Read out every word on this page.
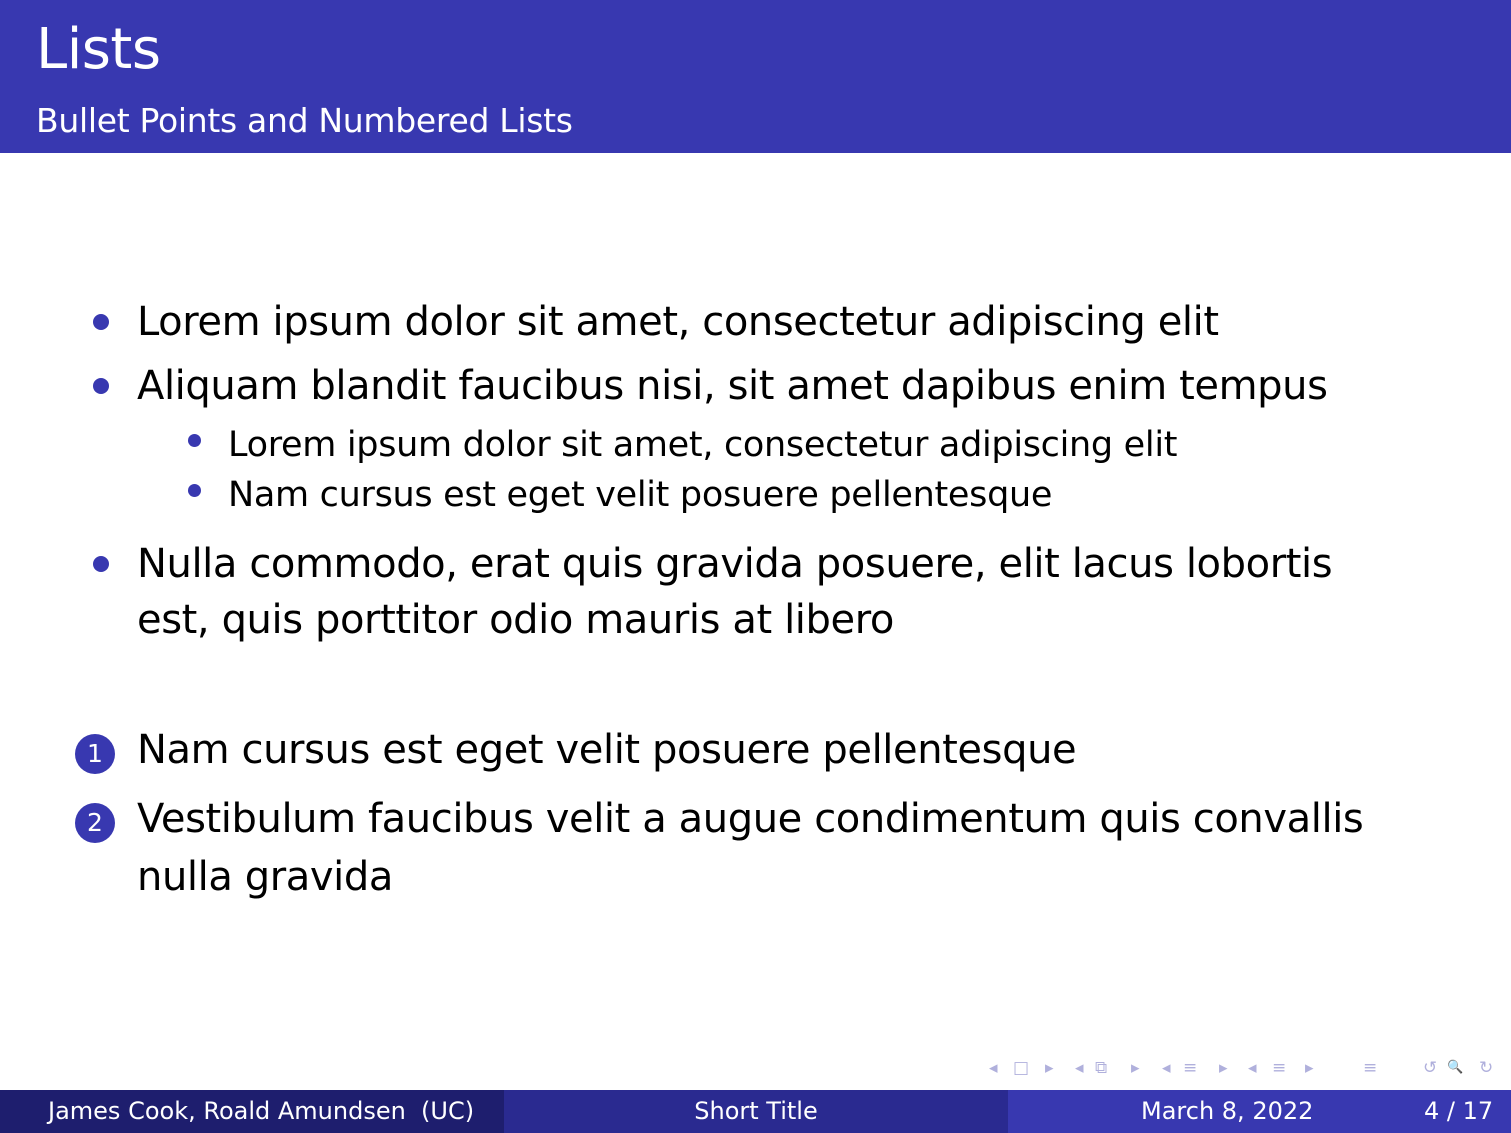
Lists
Bullet Points and Numbered Lists
Lorem ipsum dolor sit amet, consectetur adipiscing elit
Aliquam blandit faucibus nisi, sit amet dapibus enim tempus
Lorem ipsum dolor sit amet, consectetur adipiscing elit
Nam cursus est eget velit posuere pellentesque
Nulla commodo, erat quis gravida posuere, elit lacus lobortis
est, quis porttitor odio mauris at libero
1 Nam cursus est eget velit posuere pellentesque
2 Vestibulum faucibus velit a augue condimentum quis convallis
nulla gravida
◂ □ ▸ ◂ ⧉ ▸ ◂ ≡ ▸ ◂ ≡ ▸	≡	↺ 🔍 ↻
James Cook, Roald Amundsen  (UC)	Short Title	March 8, 2022	4 / 17
